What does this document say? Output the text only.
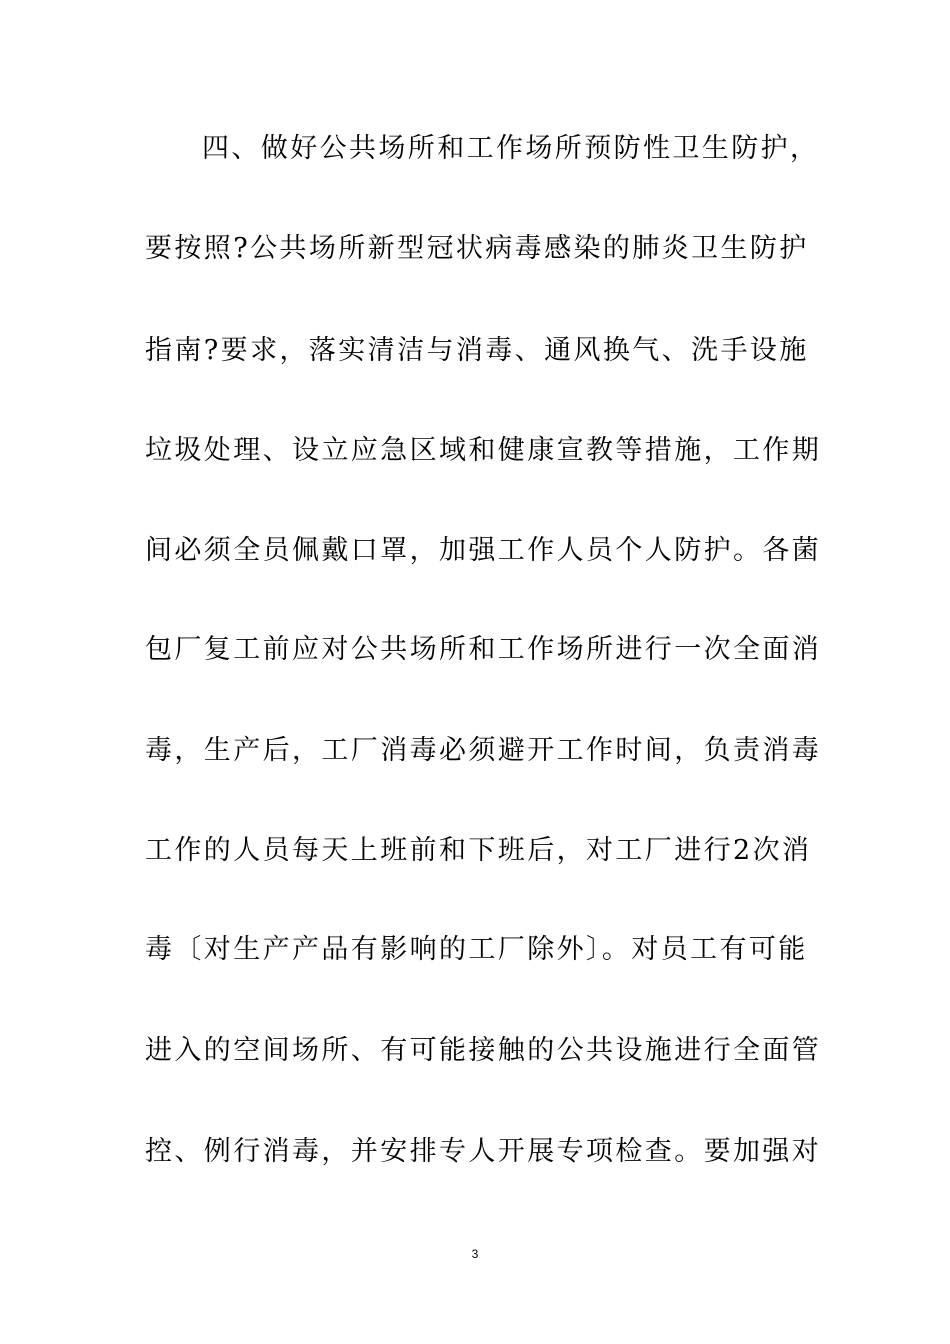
四、做好公共场所和工作场所预防性卫生防护，
要按照?公共场所新型冠状病毒感染的肺炎卫生防护
指南?要求，落实清洁与消毒、通风换气、洗手设施
垃圾处理、设立应急区域和健康宣教等措施，工作期
间必须全员佩戴口罩，加强工作人员个人防护。各菌
包厂复工前应对公共场所和工作场所进行一次全面消
毒，生产后，工厂消毒必须避开工作时间，负责消毒
工作的人员每天上班前和下班后，对工厂进行2次消
毒〔对生产产品有影响的工厂除外〕。对员工有可能
进入的空间场所、有可能接触的公共设施进行全面管
控、例行消毒，并安排专人开展专项检查。要加强对
3
